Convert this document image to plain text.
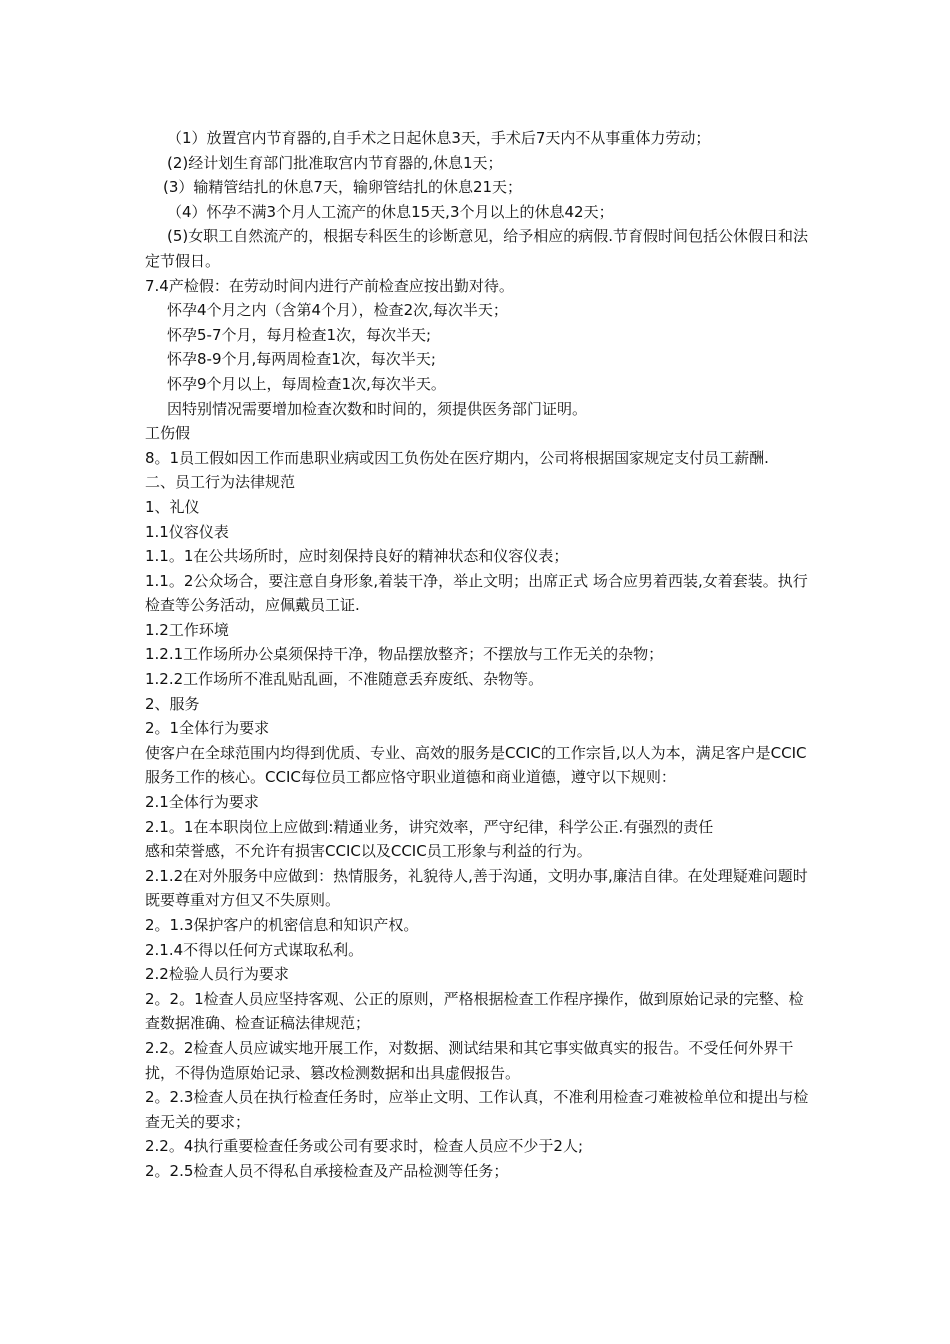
（1）放置宫内节育器的,自手术之日起休息3天，手术后7天内不从事重体力劳动；

(2)经计划生育部门批准取宫内节育器的,休息1天；

(3）输精管结扎的休息7天，输卵管结扎的休息21天；

（4）怀孕不满3个月人工流产的休息15天,3个月以上的休息42天；

(5)女职工自然流产的，根据专科医生的诊断意见，给予相应的病假.节育假时间包括公休假日和法定节假日。

7.4产检假：在劳动时间内进行产前检查应按出勤对待。

怀孕4个月之内（含第4个月），检查2次,每次半天；

怀孕5-7个月，每月检查1次，每次半天;

怀孕8-9个月,每两周检查1次，每次半天;

怀孕9个月以上，每周检查1次,每次半天。

因特别情况需要增加检查次数和时间的，须提供医务部门证明。

工伤假

8。1员工假如因工作而患职业病或因工负伤处在医疗期内，公司将根据国家规定支付员工薪酬.

二、员工行为法律规范

1、礼仪

1.1仪容仪表

1.1。1在公共场所时，应时刻保持良好的精神状态和仪容仪表；

1.1。2公众场合，要注意自身形象,着装干净，举止文明；出席正式 场合应男着西装,女着套装。执行检查等公务活动，应佩戴员工证.

1.2工作环境

1.2.1工作场所办公桌须保持干净，物品摆放整齐；不摆放与工作无关的杂物；

1.2.2工作场所不准乱贴乱画，不准随意丢弃废纸、杂物等。

2、服务

2。1全体行为要求

使客户在全球范围内均得到优质、专业、高效的服务是CCIC的工作宗旨,以人为本，满足客户是CCIC服务工作的核心。CCIC每位员工都应恪守职业道德和商业道德，遵守以下规则：

2.1全体行为要求

2.1。1在本职岗位上应做到:精通业务，讲究效率，严守纪律，科学公正.有强烈的责任

感和荣誉感，不允许有损害CCIC以及CCIC员工形象与利益的行为。

2.1.2在对外服务中应做到：热情服务，礼貌待人,善于沟通，文明办事,廉洁自律。在处理疑难问题时既要尊重对方但又不失原则。

2。1.3保护客户的机密信息和知识产权。

2.1.4不得以任何方式谋取私利。

2.2检验人员行为要求

2。2。1检查人员应坚持客观、公正的原则，严格根据检查工作程序操作，做到原始记录的完整、检查数据准确、检查证稿法律规范；

2.2。2检查人员应诚实地开展工作，对数据、测试结果和其它事实做真实的报告。不受任何外界干扰，不得伪造原始记录、篡改检测数据和出具虚假报告。

2。2.3检查人员在执行检查任务时，应举止文明、工作认真，不准利用检查刁难被检单位和提出与检查无关的要求；

2.2。4执行重要检查任务或公司有要求时，检查人员应不少于2人;

2。2.5检查人员不得私自承接检查及产品检测等任务；
